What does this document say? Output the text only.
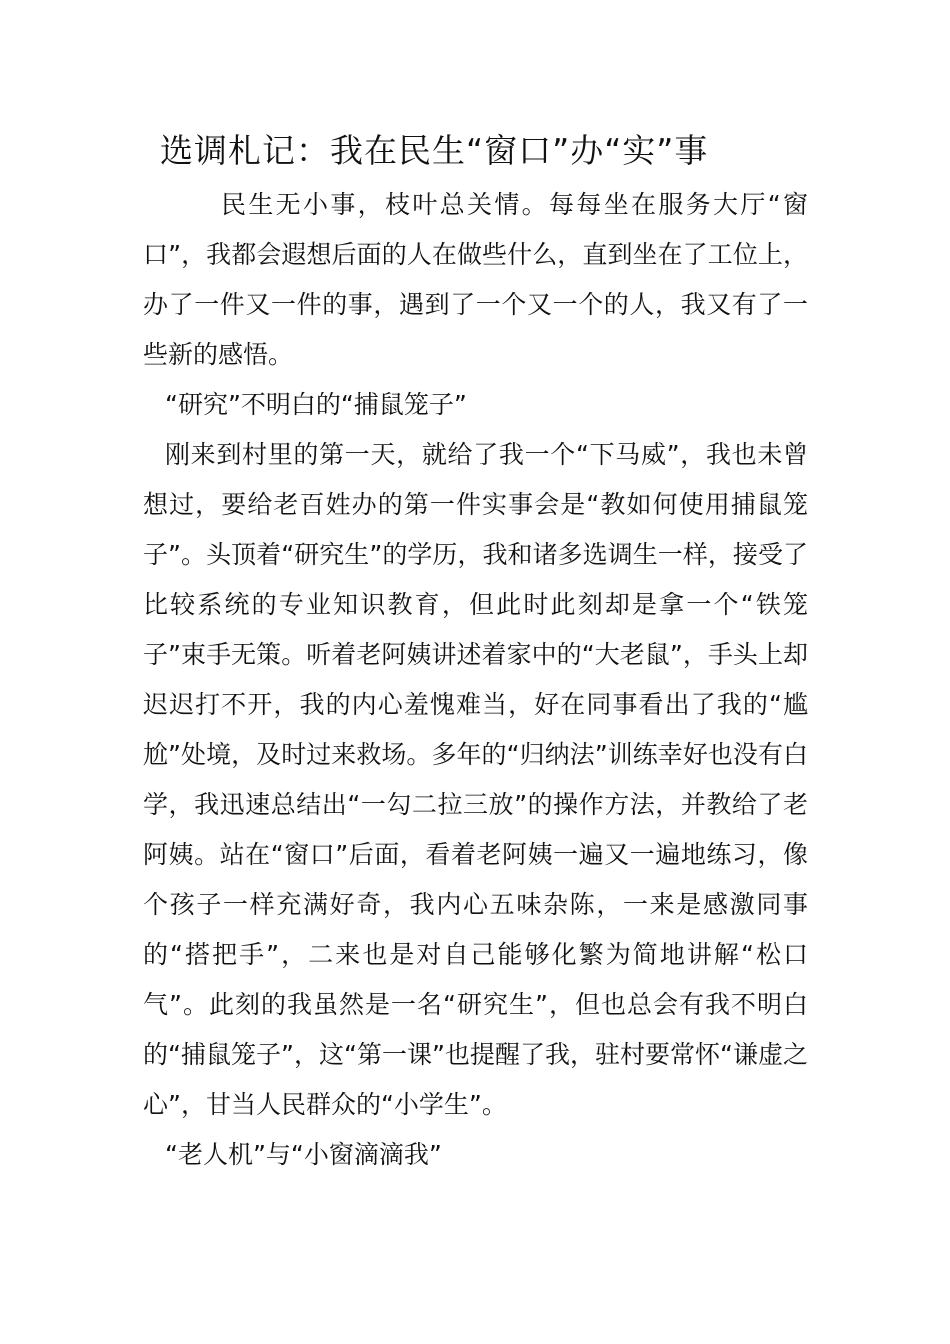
选调札记：我在民生“窗口”办“实”事

民生无小事，枝叶总关情。每每坐在服务大厅“窗口”，我都会遐想后面的人在做些什么，直到坐在了工位上，办了一件又一件的事，遇到了一个又一个的人，我又有了一些新的感悟。

“研究”不明白的“捕鼠笼子”

刚来到村里的第一天，就给了我一个“下马威”，我也未曾想过，要给老百姓办的第一件实事会是“教如何使用捕鼠笼子”。头顶着“研究生”的学历，我和诸多选调生一样，接受了比较系统的专业知识教育，但此时此刻却是拿一个“铁笼子”束手无策。听着老阿姨讲述着家中的“大老鼠”，手头上却迟迟打不开，我的内心羞愧难当，好在同事看出了我的“尴尬”处境，及时过来救场。多年的“归纳法”训练幸好也没有白学，我迅速总结出“一勾二拉三放”的操作方法，并教给了老阿姨。站在“窗口”后面，看着老阿姨一遍又一遍地练习，像个孩子一样充满好奇，我内心五味杂陈，一来是感激同事的“搭把手”，二来也是对自己能够化繁为简地讲解“松口气”。此刻的我虽然是一名“研究生”，但也总会有我不明白的“捕鼠笼子”，这“第一课”也提醒了我，驻村要常怀“谦虚之心”，甘当人民群众的“小学生”。

“老人机”与“小窗滴滴我”
